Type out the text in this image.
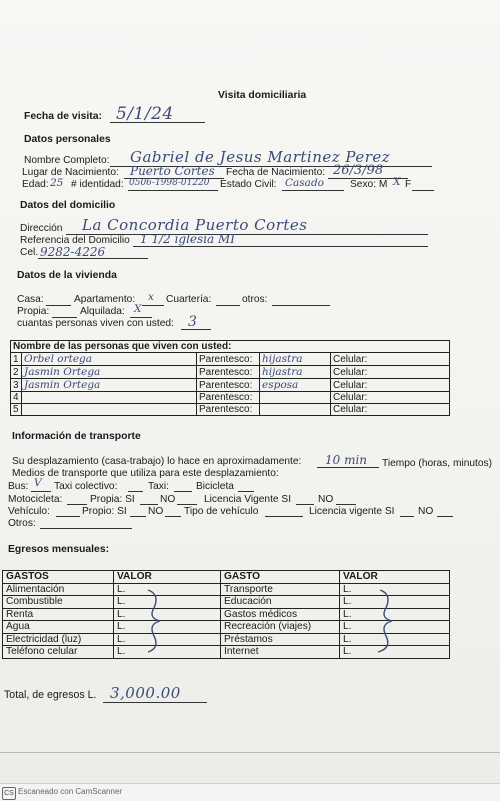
Visita domiciliaria
Fecha de visita: 5/1/24
Datos personales
Nombre Completo: Gabriel de Jesus Martinez Perez
Lugar de Nacimiento: Puerto Cortes Fecha de Nacimiento: 26/3/98
Edad: 25 # identidad: 0506-1998-01220 Estado Civil: Casado	Sexo: M X F
Datos del domicilio
Dirección La Concordia Puerto Cortes
Referencia del Domicilio 1 1/2 iglesia MI
Cel. 9282-4226
Datos de la vivienda
Casa:	Apartamento: x Cuartería:	otros:
Propia:	Alquilada: X
cuantas personas viven con usted: 3
Nombre de las personas que viven con usted:				
1	Orbel ortega	Parentesco:	hijastra	Celular:
2	Jasmin Ortega	Parentesco:	hijastra	Celular:
3	Jasmin Ortega	Parentesco:	esposa	Celular:
4		Parentesco:		Celular:
5		Parentesco:		Celular:
Información de transporte
Su desplazamiento (casa-trabajo) lo hace en aproximadamente: 10 min Tiempo (horas, minutos)
Medios de transporte que utiliza para este desplazamiento:
Bus: V Taxi colectivo:	Taxi:	Bicicleta
Motocicleta:	Propia: SI NO	Licencia Vigente SI	NO
Vehículo:	Propio: SI NO Tipo de vehículo	Licencia vigente SI NO
Otros:
Egresos mensuales:
GASTOS	VALOR	GASTO	VALOR
Alimentación	L.	Transporte	L.
Combustible	L.	Educación	L.
Renta	L.	Gastos médicos	L.
Agua	L.	Recreación (viajes)	L.
Electricidad (luz)	L.	Préstamos	L.
Teléfono celular	L.	Internet	L.
Total, de egresos L. 3,000.00
CS Escaneado con CamScanner
